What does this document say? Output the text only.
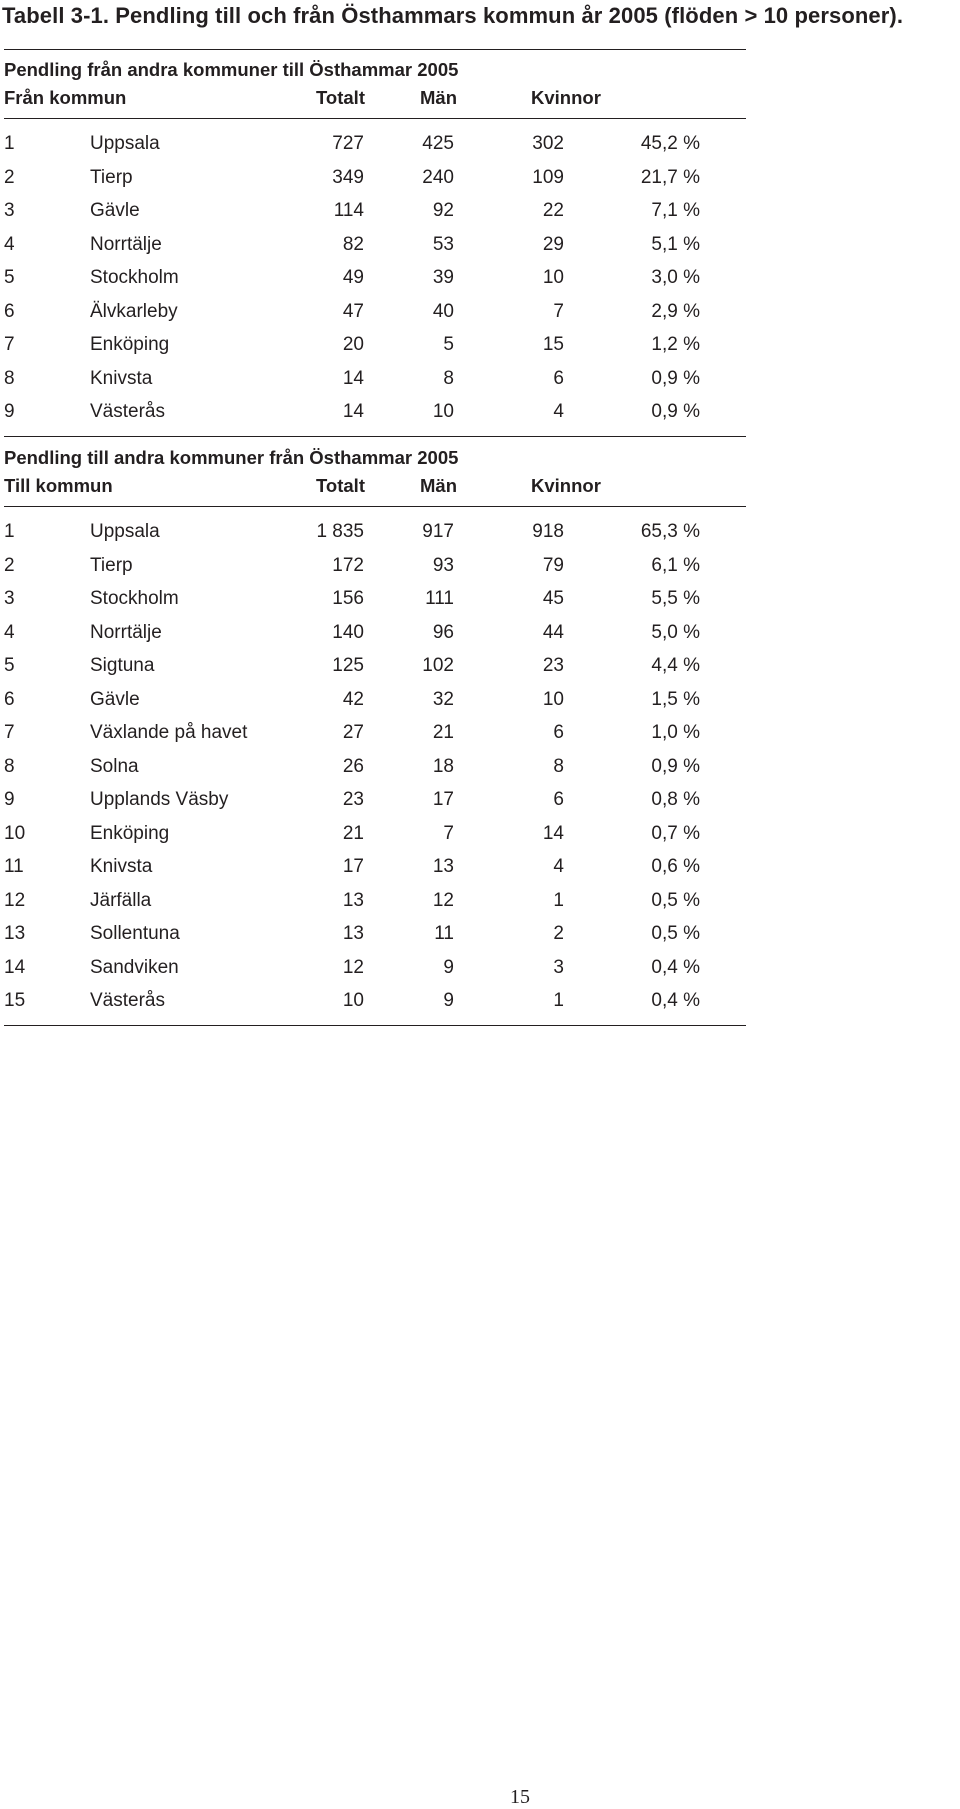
Tabell 3-1. Pendling till och från Östhammars kommun år 2005 (flöden > 10 personer).
Pendling från andra kommuner till Östhammar 2005
Från kommun	Totalt	Män	Kvinnor
1	Uppsala	727	425	302	45,2 %
2	Tierp	349	240	109	21,7 %
3	Gävle	114	92	22	7,1 %
4	Norrtälje	82	53	29	5,1 %
5	Stockholm	49	39	10	3,0 %
6	Älvkarleby	47	40	7	2,9 %
7	Enköping	20	5	15	1,2 %
8	Knivsta	14	8	6	0,9 %
9	Västerås	14	10	4	0,9 %
Pendling till andra kommuner från Östhammar 2005
Till kommun	Totalt	Män	Kvinnor
1	Uppsala	1 835	917	918	65,3 %
2	Tierp	172	93	79	6,1 %
3	Stockholm	156	111	45	5,5 %
4	Norrtälje	140	96	44	5,0 %
5	Sigtuna	125	102	23	4,4 %
6	Gävle	42	32	10	1,5 %
7	Växlande på havet	27	21	6	1,0 %
8	Solna	26	18	8	0,9 %
9	Upplands Väsby	23	17	6	0,8 %
10	Enköping	21	7	14	0,7 %
11	Knivsta	17	13	4	0,6 %
12	Järfälla	13	12	1	0,5 %
13	Sollentuna	13	11	2	0,5 %
14	Sandviken	12	9	3	0,4 %
15	Västerås	10	9	1	0,4 %
15
